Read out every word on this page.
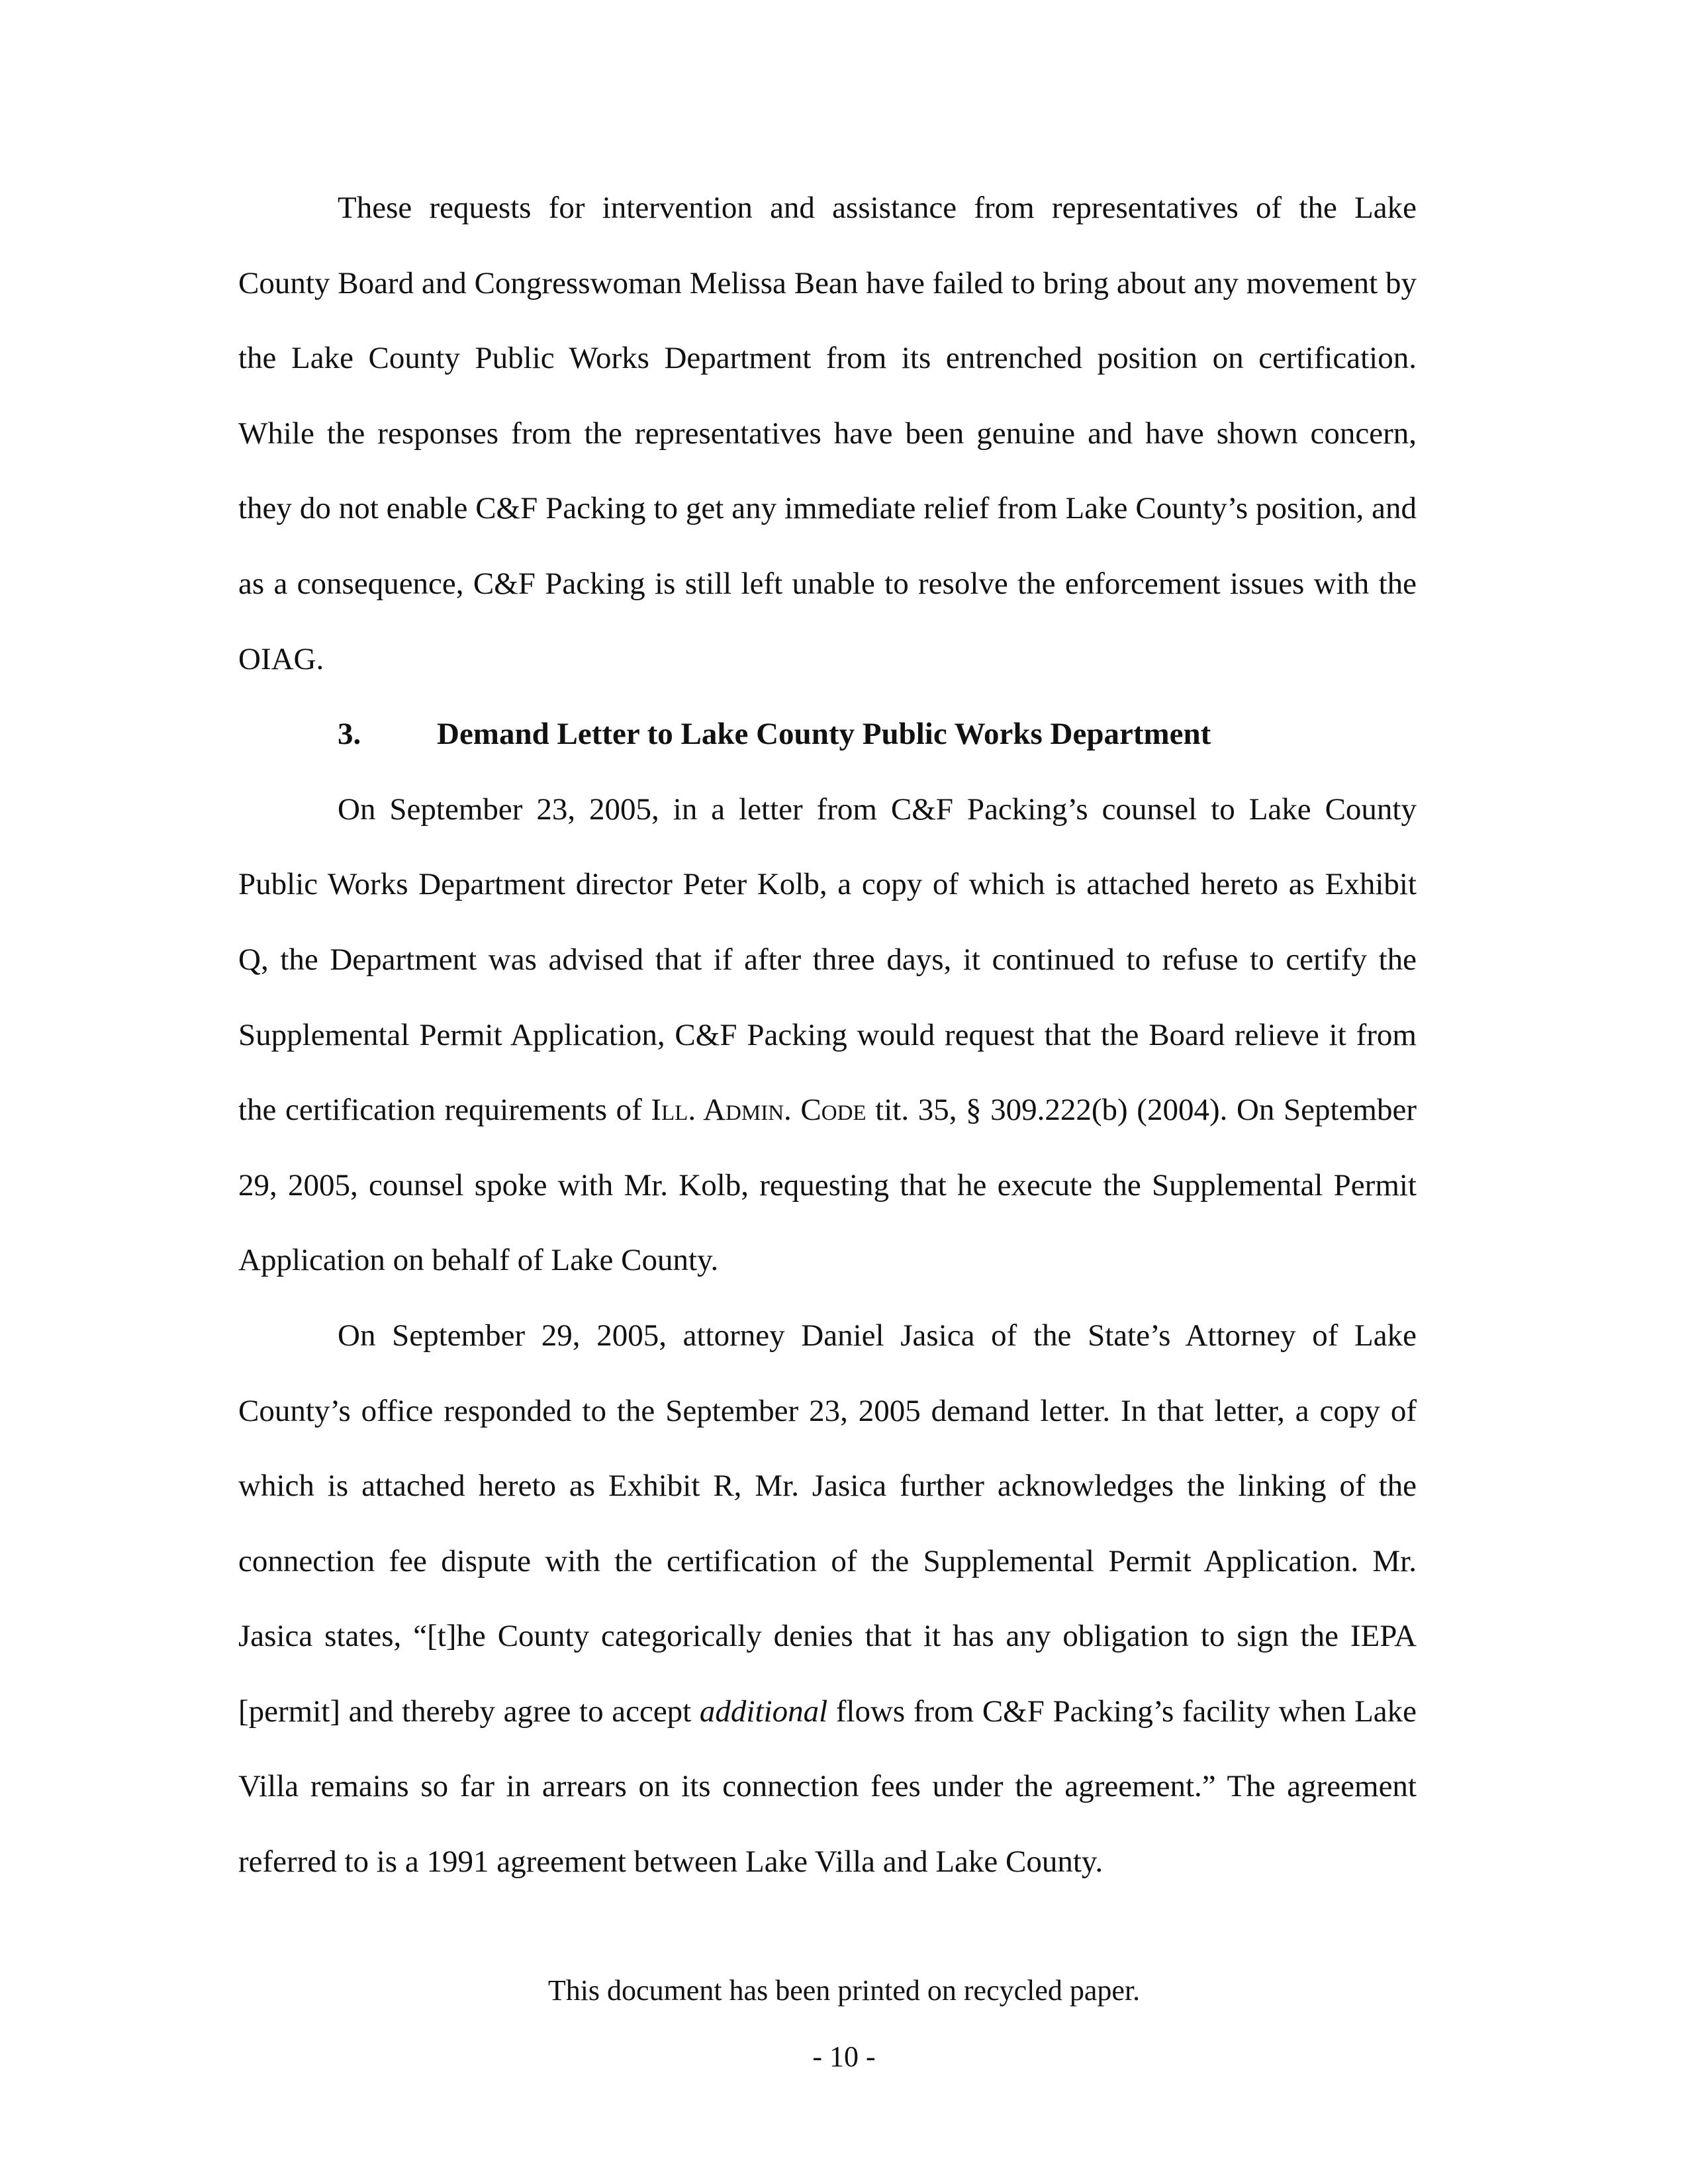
These requests for intervention and assistance from representatives of the Lake County Board and Congresswoman Melissa Bean have failed to bring about any movement by the Lake County Public Works Department from its entrenched position on certification. While the responses from the representatives have been genuine and have shown concern, they do not enable C&F Packing to get any immediate relief from Lake County’s position, and as a consequence, C&F Packing is still left unable to resolve the enforcement issues with the OIAG.

3. Demand Letter to Lake County Public Works Department

On September 23, 2005, in a letter from C&F Packing’s counsel to Lake County Public Works Department director Peter Kolb, a copy of which is attached hereto as Exhibit Q, the Department was advised that if after three days, it continued to refuse to certify the Supplemental Permit Application, C&F Packing would request that the Board relieve it from the certification requirements of Ill. Admin. Code tit. 35, § 309.222(b) (2004). On September 29, 2005, counsel spoke with Mr. Kolb, requesting that he execute the Supplemental Permit Application on behalf of Lake County.

On September 29, 2005, attorney Daniel Jasica of the State’s Attorney of Lake County’s office responded to the September 23, 2005 demand letter. In that letter, a copy of which is attached hereto as Exhibit R, Mr. Jasica further acknowledges the linking of the connection fee dispute with the certification of the Supplemental Permit Application. Mr. Jasica states, “[t]he County categorically denies that it has any obligation to sign the IEPA [permit] and thereby agree to accept additional flows from C&F Packing’s facility when Lake Villa remains so far in arrears on its connection fees under the agreement.” The agreement referred to is a 1991 agreement between Lake Villa and Lake County.

This document has been printed on recycled paper.

- 10 -
